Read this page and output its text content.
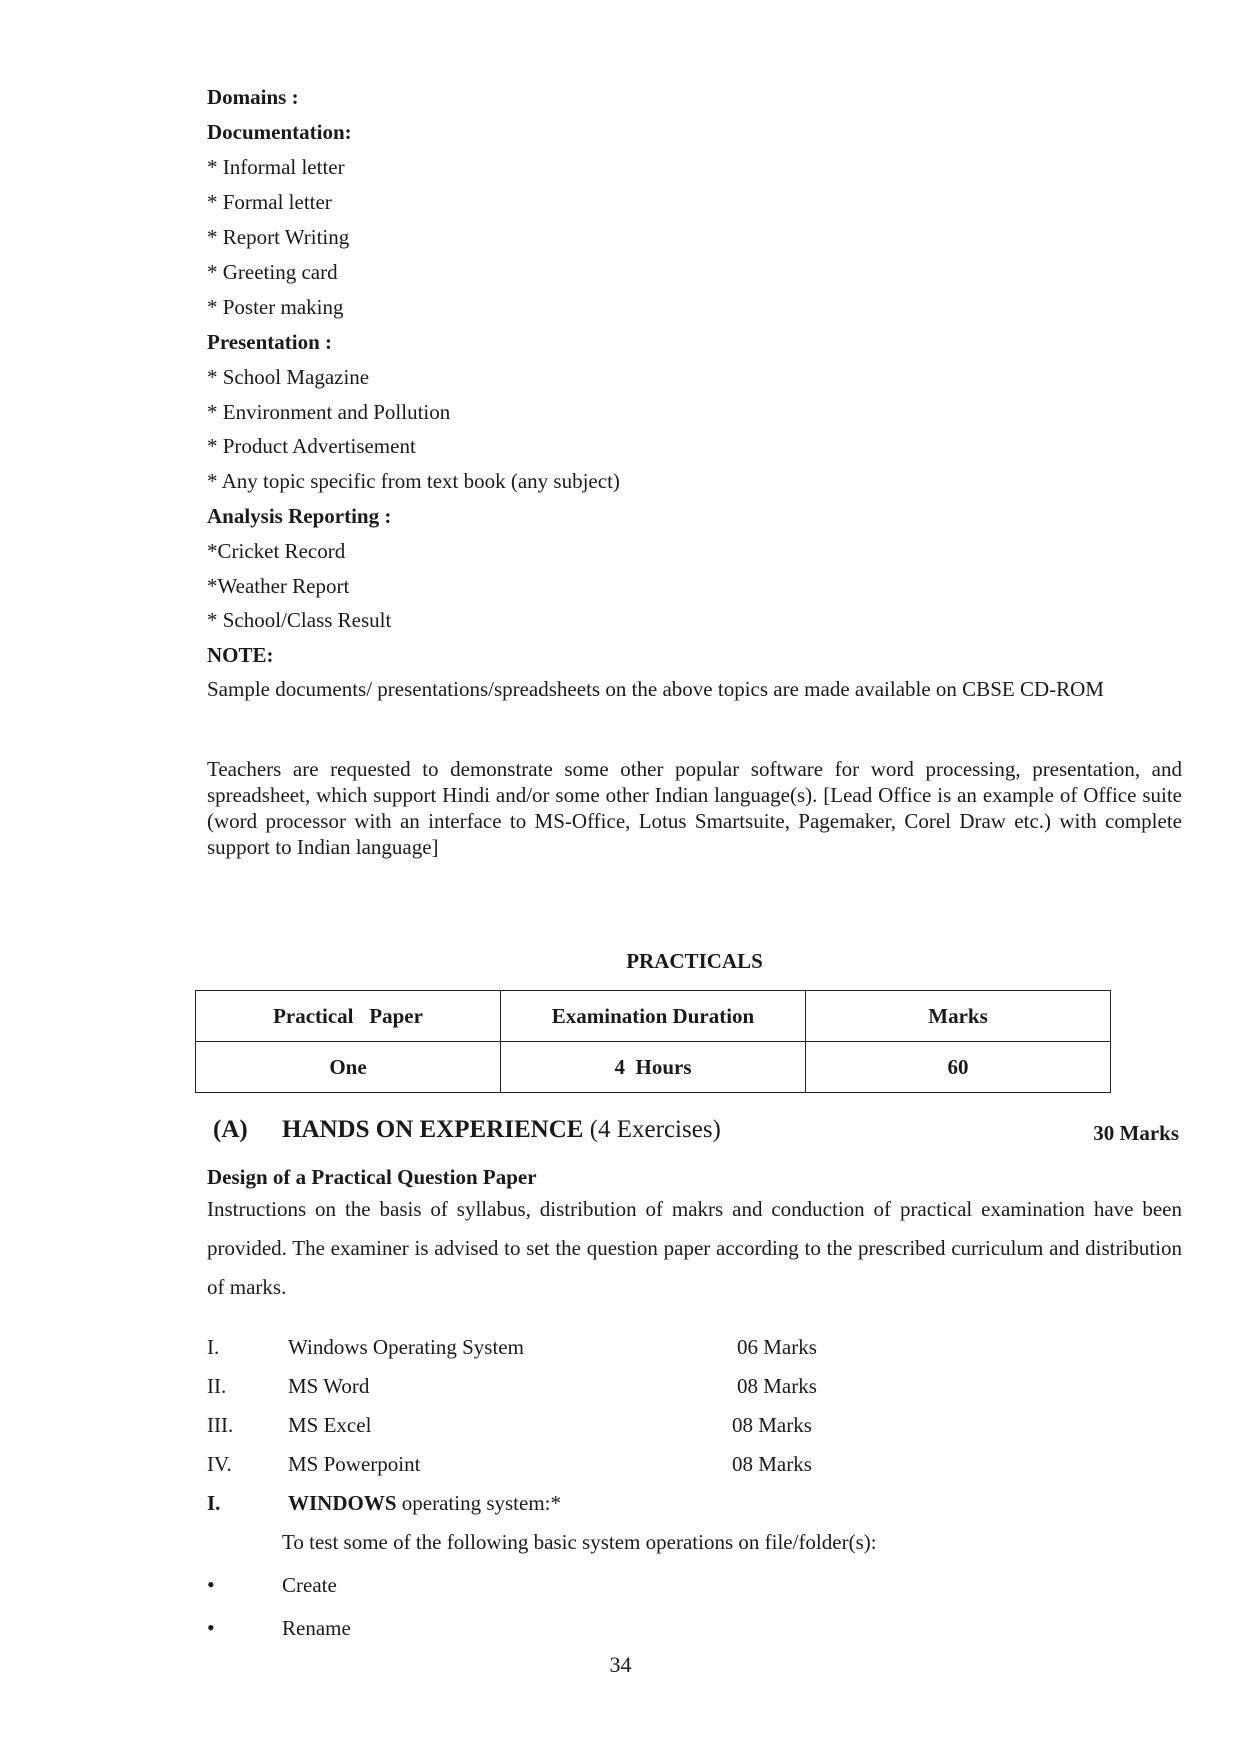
Domains :
Documentation:
* Informal letter
* Formal letter
* Report Writing
* Greeting card
* Poster making
Presentation :
* School Magazine
* Environment and Pollution
* Product Advertisement
* Any topic specific from text book (any subject)
Analysis Reporting :
*Cricket Record
*Weather Report
* School/Class Result
NOTE:
Teachers are requested to demonstrate some other popular software for word processing, presentation, and spreadsheet, which support Hindi and/or some other Indian language(s). [Lead Office is an example of Office suite (word processor with an interface to MS-Office, Lotus Smartsuite, Pagemaker, Corel Draw etc.) with complete support to Indian language]
Sample documents/ presentations/spreadsheets on the above topics are made available on CBSE CD-ROM
PRACTICALS
Practical   Paper	Examination Duration	Marks
One	4  Hours	60
(A) HANDS ON EXPERIENCE (4 Exercises)	30 Marks
Design of a Practical Question Paper
Instructions on the basis of syllabus, distribution of makrs and conduction of practical examination have been provided. The examiner is advised to set the question paper according to the prescribed curriculum and distribution of marks.
I.	Windows Operating System	06 Marks
II.	MS Word	08 Marks
III.	MS Excel	08 Marks
IV.	MS Powerpoint	08 Marks
I.	WINDOWS operating system:*
To test some of the following basic system operations on file/folder(s):
•	Create
•	Rename
34
